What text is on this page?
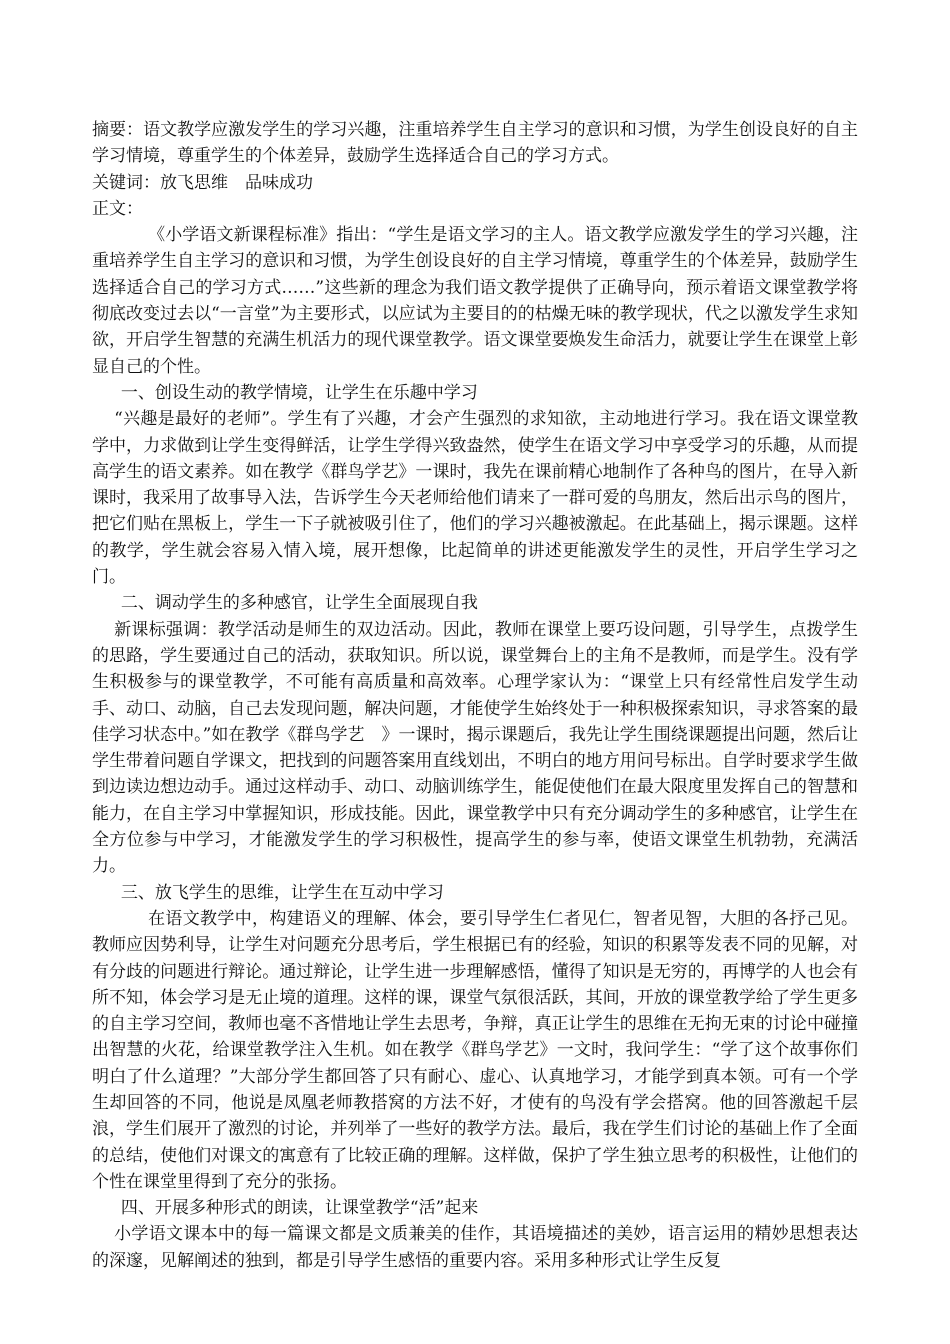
摘要：语文教学应激发学生的学习兴趣，注重培养学生自主学习的意识和习惯，为学生创设良好的自主学习情境，尊重学生的个体差异，鼓励学生选择适合自己的学习方式。

关键词：放飞思维　品味成功

正文：

《小学语文新课程标准》指出：“学生是语文学习的主人。语文教学应激发学生的学习兴趣，注重培养学生自主学习的意识和习惯，为学生创设良好的自主学习情境，尊重学生的个体差异，鼓励学生选择适合自己的学习方式……”这些新的理念为我们语文教学提供了正确导向，预示着语文课堂教学将彻底改变过去以“一言堂”为主要形式，以应试为主要目的的枯燥无味的教学现状，代之以激发学生求知欲，开启学生智慧的充满生机活力的现代课堂教学。语文课堂要焕发生命活力，就要让学生在课堂上彰显自己的个性。

一、创设生动的教学情境，让学生在乐趣中学习

“兴趣是最好的老师”。学生有了兴趣，才会产生强烈的求知欲，主动地进行学习。我在语文课堂教学中，力求做到让学生变得鲜活，让学生学得兴致盎然，使学生在语文学习中享受学习的乐趣，从而提高学生的语文素养。如在教学《群鸟学艺》一课时，我先在课前精心地制作了各种鸟的图片，在导入新课时，我采用了故事导入法，告诉学生今天老师给他们请来了一群可爱的鸟朋友，然后出示鸟的图片，把它们贴在黑板上，学生一下子就被吸引住了，他们的学习兴趣被激起。在此基础上，揭示课题。这样的教学，学生就会容易入情入境，展开想像，比起简单的讲述更能激发学生的灵性，开启学生学习之门。

二、调动学生的多种感官，让学生全面展现自我

新课标强调：教学活动是师生的双边活动。因此，教师在课堂上要巧设问题，引导学生，点拨学生的思路，学生要通过自己的活动，获取知识。所以说，课堂舞台上的主角不是教师，而是学生。没有学生积极参与的课堂教学，不可能有高质量和高效率。心理学家认为：“课堂上只有经常性启发学生动手、动口、动脑，自己去发现问题，解决问题，才能使学生始终处于一种积极探索知识，寻求答案的最佳学习状态中。”如在教学《群鸟学艺　》一课时，揭示课题后，我先让学生围绕课题提出问题，然后让学生带着问题自学课文，把找到的问题答案用直线划出，不明白的地方用问号标出。自学时要求学生做到边读边想边动手。通过这样动手、动口、动脑训练学生，能促使他们在最大限度里发挥自己的智慧和能力，在自主学习中掌握知识，形成技能。因此，课堂教学中只有充分调动学生的多种感官，让学生在全方位参与中学习，才能激发学生的学习积极性，提高学生的参与率，使语文课堂生机勃勃，充满活力。

三、放飞学生的思维，让学生在互动中学习

在语文教学中，构建语义的理解、体会，要引导学生仁者见仁，智者见智，大胆的各抒己见。教师应因势利导，让学生对问题充分思考后，学生根据已有的经验，知识的积累等发表不同的见解，对有分歧的问题进行辩论。通过辩论，让学生进一步理解感悟，懂得了知识是无穷的，再博学的人也会有所不知，体会学习是无止境的道理。这样的课，课堂气氛很活跃，其间，开放的课堂教学给了学生更多的自主学习空间，教师也毫不吝惜地让学生去思考，争辩，真正让学生的思维在无拘无束的讨论中碰撞出智慧的火花，给课堂教学注入生机。如在教学《群鸟学艺》一文时，我问学生：“学了这个故事你们明白了什么道理？”大部分学生都回答了只有耐心、虚心、认真地学习，才能学到真本领。可有一个学生却回答的不同，他说是凤凰老师教搭窝的方法不好，才使有的鸟没有学会搭窝。他的回答激起千层浪，学生们展开了激烈的讨论，并列举了一些好的教学方法。最后，我在学生们讨论的基础上作了全面的总结，使他们对课文的寓意有了比较正确的理解。这样做，保护了学生独立思考的积极性，让他们的个性在课堂里得到了充分的张扬。

四、开展多种形式的朗读，让课堂教学“活”起来

小学语文课本中的每一篇课文都是文质兼美的佳作，其语境描述的美妙，语言运用的精妙思想表达的深邃，见解阐述的独到，都是引导学生感悟的重要内容。采用多种形式让学生反复
